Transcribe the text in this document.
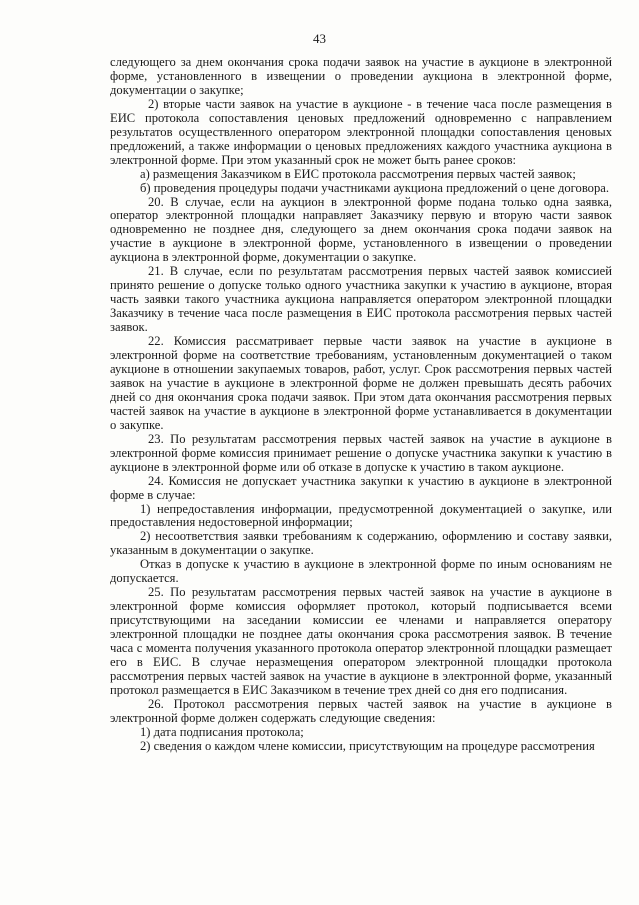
43

следующего за днем окончания срока подачи заявок на участие в аукционе в электронной форме, установленного в извещении о проведении аукциона в электронной форме, документации о закупке;

2) вторые части заявок на участие в аукционе - в течение часа после размещения в ЕИС протокола сопоставления ценовых предложений одновременно с направлением результатов осуществленного оператором электронной площадки сопоставления ценовых предложений, а также информации о ценовых предложениях каждого участника аукциона в электронной форме. При этом указанный срок не может быть ранее сроков:

а) размещения Заказчиком в ЕИС протокола рассмотрения первых частей заявок;

б) проведения процедуры подачи участниками аукциона предложений о цене договора.

20. В случае, если на аукцион в электронной форме подана только одна заявка, оператор электронной площадки направляет Заказчику первую и вторую части заявок одновременно не позднее дня, следующего за днем окончания срока подачи заявок на участие в аукционе в электронной форме, установленного в извещении о проведении аукциона в электронной форме, документации о закупке.

21. В случае, если по результатам рассмотрения первых частей заявок комиссией принято решение о допуске только одного участника закупки к участию в аукционе, вторая часть заявки такого участника аукциона направляется оператором электронной площадки Заказчику в течение часа после размещения в ЕИС протокола рассмотрения первых частей заявок.

22. Комиссия рассматривает первые части заявок на участие в аукционе в электронной форме на соответствие требованиям, установленным документацией о таком аукционе в отношении закупаемых товаров, работ, услуг. Срок рассмотрения первых частей заявок на участие в аукционе в электронной форме не должен превышать десять рабочих дней со дня окончания срока подачи заявок. При этом дата окончания рассмотрения первых частей заявок на участие в аукционе в электронной форме устанавливается в документации о закупке.

23. По результатам рассмотрения первых частей заявок на участие в аукционе в электронной форме комиссия принимает решение о допуске участника закупки к участию в аукционе в электронной форме или об отказе в допуске к участию в таком аукционе.

24. Комиссия не допускает участника закупки к участию в аукционе в электронной форме в случае:

1) непредоставления информации, предусмотренной документацией о закупке, или предоставления недостоверной информации;

2) несоответствия заявки требованиям к содержанию, оформлению и составу заявки, указанным в документации о закупке.

Отказ в допуске к участию в аукционе в электронной форме по иным основаниям не допускается.

25. По результатам рассмотрения первых частей заявок на участие в аукционе в электронной форме комиссия оформляет протокол, который подписывается всеми присутствующими на заседании комиссии ее членами и направляется оператору электронной площадки не позднее даты окончания срока рассмотрения заявок. В течение часа с момента получения указанного протокола оператор электронной площадки размещает его в ЕИС. В случае неразмещения оператором электронной площадки протокола рассмотрения первых частей заявок на участие в аукционе в электронной форме, указанный протокол размещается в ЕИС Заказчиком в течение трех дней со дня его подписания.

26. Протокол рассмотрения первых частей заявок на участие в аукционе в электронной форме должен содержать следующие сведения:

1) дата подписания протокола;

2) сведения о каждом члене комиссии, присутствующим на процедуре рассмотрения
